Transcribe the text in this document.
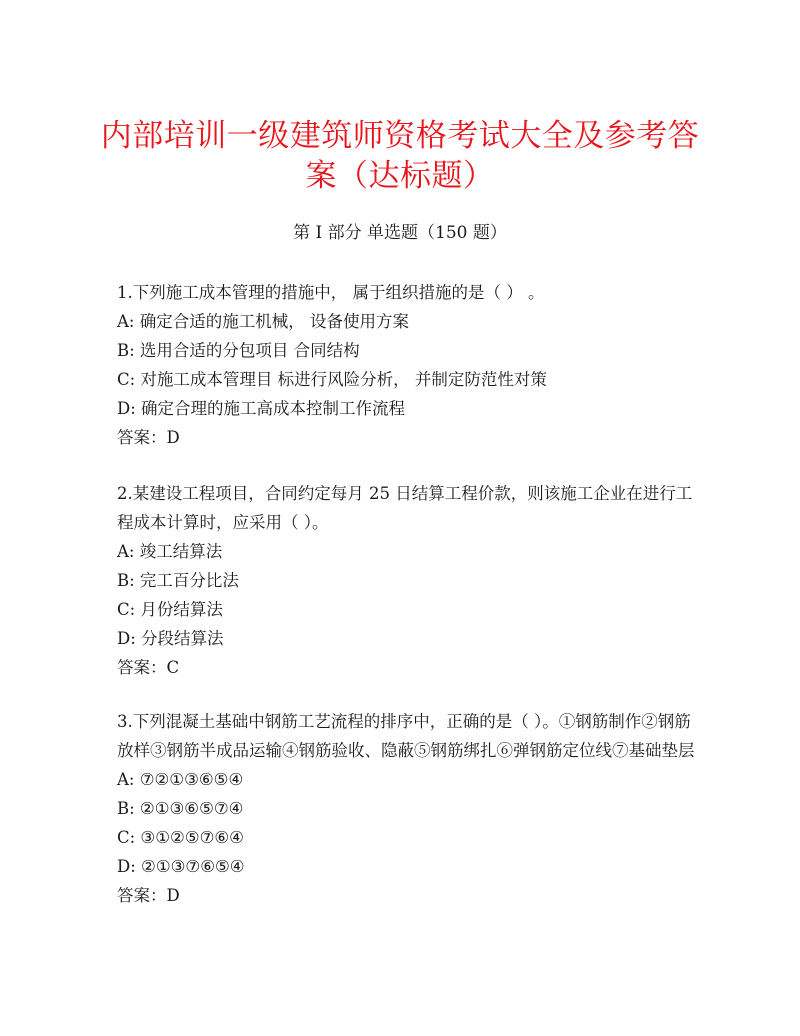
内部培训一级建筑师资格考试大全及参考答案（达标题）
第 I 部分 单选题（150 题）
1.下列施工成本管理的措施中， 属于组织措施的是（ ） 。
A: 确定合适的施工机械， 设备使用方案
B: 选用合适的分包项目 合同结构
C: 对施工成本管理目 标进行风险分析， 并制定防范性对策
D: 确定合理的施工高成本控制工作流程
答案：D
2.某建设工程项目，合同约定每月 25 日结算工程价款，则该施工企业在进行工程成本计算时，应采用（ ）。
A: 竣工结算法
B: 完工百分比法
C: 月份结算法
D: 分段结算法
答案：C
3.下列混凝土基础中钢筋工艺流程的排序中，正确的是（ ）。①钢筋制作②钢筋放样③钢筋半成品运输④钢筋验收、隐蔽⑤钢筋绑扎⑥弹钢筋定位线⑦基础垫层
A: ⑦②①③⑥⑤④
B: ②①③⑥⑤⑦④
C: ③①②⑤⑦⑥④
D: ②①③⑦⑥⑤④
答案：D
